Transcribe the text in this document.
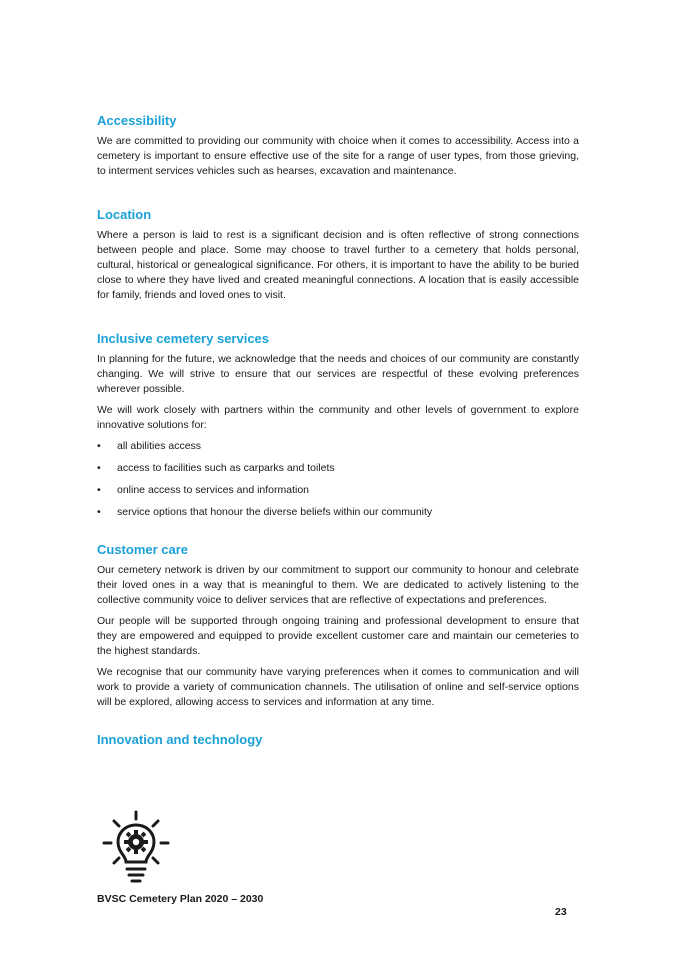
Accessibility

We are committed to providing our community with choice when it comes to accessibility. Access into a cemetery is important to ensure effective use of the site for a range of user types, from those grieving, to interment services vehicles such as hearses, excavation and maintenance.

Location

Where a person is laid to rest is a significant decision and is often reflective of strong connections between people and place. Some may choose to travel further to a cemetery that holds personal, cultural, historical or genealogical significance. For others, it is important to have the ability to be buried close to where they have lived and created meaningful connections. A location that is easily accessible for family, friends and loved ones to visit.

Inclusive cemetery services

In planning for the future, we acknowledge that the needs and choices of our community are constantly changing. We will strive to ensure that our services are respectful of these evolving preferences wherever possible.

We will work closely with partners within the community and other levels of government to explore innovative solutions for:

•	all abilities access
•	access to facilities such as carparks and toilets
•	online access to services and information
•	service options that honour the diverse beliefs within our community
Customer care

Our cemetery network is driven by our commitment to support our community to honour and celebrate their loved ones in a way that is meaningful to them. We are dedicated to actively listening to the collective community voice to deliver services that are reflective of expectations and preferences.

Our people will be supported through ongoing training and professional development to ensure that they are empowered and equipped to provide excellent customer care and maintain our cemeteries to the highest standards.

We recognise that our community have varying preferences when it comes to communication and will work to provide a variety of communication channels. The utilisation of online and self-service options will be explored, allowing access to services and information at any time.

Innovation and technology
BVSC Cemetery Plan 2020 – 2030
23
